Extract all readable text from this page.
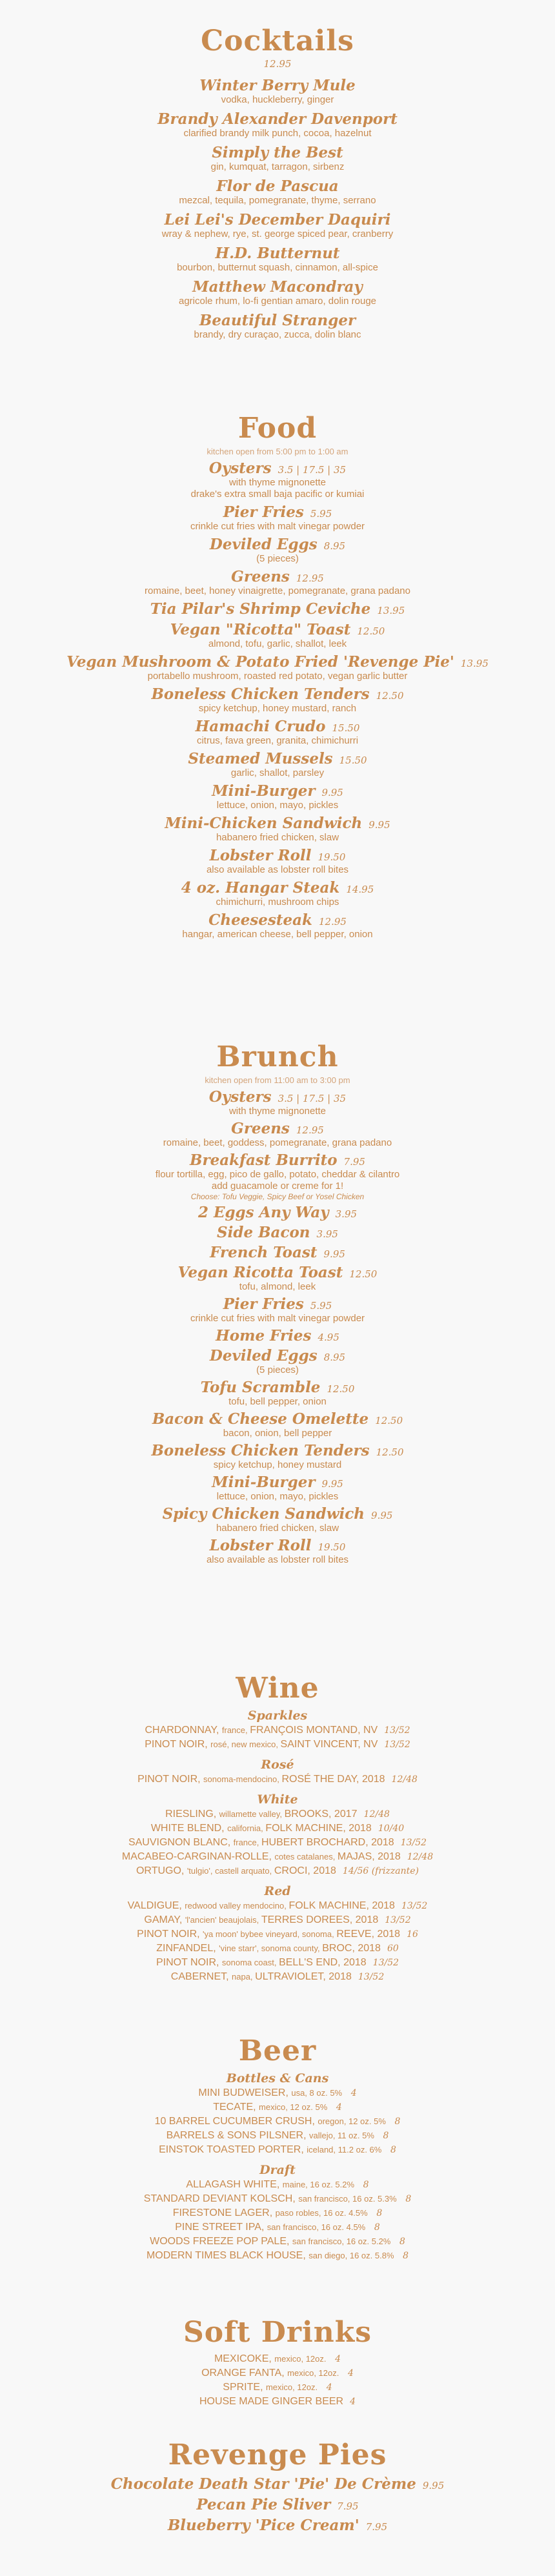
Cocktails
12.95
Winter Berry Mule
vodka, huckleberry, ginger
Brandy Alexander Davenport
clarified brandy milk punch, cocoa, hazelnut
Simply the Best
gin, kumquat, tarragon, sirbenz
Flor de Pascua
mezcal, tequila, pomegranate, thyme, serrano
Lei Lei's December Daquiri
wray & nephew, rye, st. george spiced pear, cranberry
H.D. Butternut
bourbon, butternut squash, cinnamon, all-spice
Matthew Macondray
agricole rhum, lo-fi gentian amaro, dolin rouge
Beautiful Stranger
brandy, dry curaçao, zucca, dolin blanc
Food
kitchen open from 5:00 pm to 1:00 am
Oysters 3.5 | 17.5 | 35
with thyme mignonette
drake's extra small baja pacific or kumiai
Pier Fries 5.95
crinkle cut fries with malt vinegar powder
Deviled Eggs 8.95
(5 pieces)
Greens 12.95
romaine, beet, honey vinaigrette, pomegranate, grana padano
Tia Pilar's Shrimp Ceviche 13.95
Vegan "Ricotta" Toast 12.50
almond, tofu, garlic, shallot, leek
Vegan Mushroom & Potato Fried 'Revenge Pie' 13.95
portabello mushroom, roasted red potato, vegan garlic butter
Boneless Chicken Tenders 12.50
spicy ketchup, honey mustard, ranch
Hamachi Crudo 15.50
citrus, fava green, granita, chimichurri
Steamed Mussels 15.50
garlic, shallot, parsley
Mini-Burger 9.95
lettuce, onion, mayo, pickles
Mini-Chicken Sandwich 9.95
habanero fried chicken, slaw
Lobster Roll 19.50
also available as lobster roll bites
4 oz. Hangar Steak 14.95
chimichurri, mushroom chips
Cheesesteak 12.95
hangar, american cheese, bell pepper, onion
Brunch
kitchen open from 11:00 am to 3:00 pm
Oysters 3.5 | 17.5 | 35
with thyme mignonette
Greens 12.95
romaine, beet, goddess, pomegranate, grana padano
Breakfast Burrito 7.95
flour tortilla, egg, pico de gallo, potato, cheddar & cilantro
add guacamole or creme for 1!
Choose: Tofu Veggie, Spicy Beef or Yosel Chicken
2 Eggs Any Way 3.95
Side Bacon 3.95
French Toast 9.95
Vegan Ricotta Toast 12.50
tofu, almond, leek
Pier Fries 5.95
crinkle cut fries with malt vinegar powder
Home Fries 4.95
Deviled Eggs 8.95
(5 pieces)
Tofu Scramble 12.50
tofu, bell pepper, onion
Bacon & Cheese Omelette 12.50
bacon, onion, bell pepper
Boneless Chicken Tenders 12.50
spicy ketchup, honey mustard
Mini-Burger 9.95
lettuce, onion, mayo, pickles
Spicy Chicken Sandwich 9.95
habanero fried chicken, slaw
Lobster Roll 19.50
also available as lobster roll bites
Wine
Sparkles
CHARDONNAY, france, FRANÇOIS MONTAND, NV 13/52
PINOT NOIR, rosé, new mexico, SAINT VINCENT, NV 13/52
Rosé
PINOT NOIR, sonoma-mendocino, ROSÉ THE DAY, 2018 12/48
White
RIESLING, willamette valley, BROOKS, 2017 12/48
WHITE BLEND, california, FOLK MACHINE, 2018 10/40
SAUVIGNON BLANC, france, HUBERT BROCHARD, 2018 13/52
MACABEO-CARGINAN-ROLLE, cotes catalanes, MAJAS, 2018 12/48
ORTUGO, 'tulgio', castell arquato, CROCI, 2018 14/56 (frizzante)
Red
VALDIGUE, redwood valley mendocino, FOLK MACHINE, 2018 13/52
GAMAY, 'l'ancien' beaujolais, TERRES DOREES, 2018 13/52
PINOT NOIR, 'ya moon' bybee vineyard, sonoma, REEVE, 2018 16
ZINFANDEL, 'vine starr', sonoma county, BROC, 2018 60
PINOT NOIR, sonoma coast, BELL'S END, 2018 13/52
CABERNET, napa, ULTRAVIOLET, 2018 13/52
Beer
Bottles & Cans
MINI BUDWEISER, usa, 8 oz. 5% 4
TECATE, mexico, 12 oz. 5% 4
10 BARREL CUCUMBER CRUSH, oregon, 12 oz. 5% 8
BARRELS & SONS PILSNER, vallejo, 11 oz. 5% 8
EINSTOK TOASTED PORTER, iceland, 11.2 oz. 6% 8
Draft
ALLAGASH WHITE, maine, 16 oz. 5.2% 8
STANDARD DEVIANT KOLSCH, san francisco, 16 oz. 5.3% 8
FIRESTONE LAGER, paso robles, 16 oz. 4.5% 8
PINE STREET IPA, san francisco, 16 oz. 4.5% 8
WOODS FREEZE POP PALE, san francisco, 16 oz. 5.2% 8
MODERN TIMES BLACK HOUSE, san diego, 16 oz. 5.8% 8
Soft Drinks
MEXICOKE, mexico, 12oz. 4
ORANGE FANTA, mexico, 12oz. 4
SPRITE, mexico, 12oz. 4
HOUSE MADE GINGER BEER 4
Revenge Pies
Chocolate Death Star 'Pie' De Crème 9.95
Pecan Pie Sliver 7.95
Blueberry 'Pice Cream' 7.95
